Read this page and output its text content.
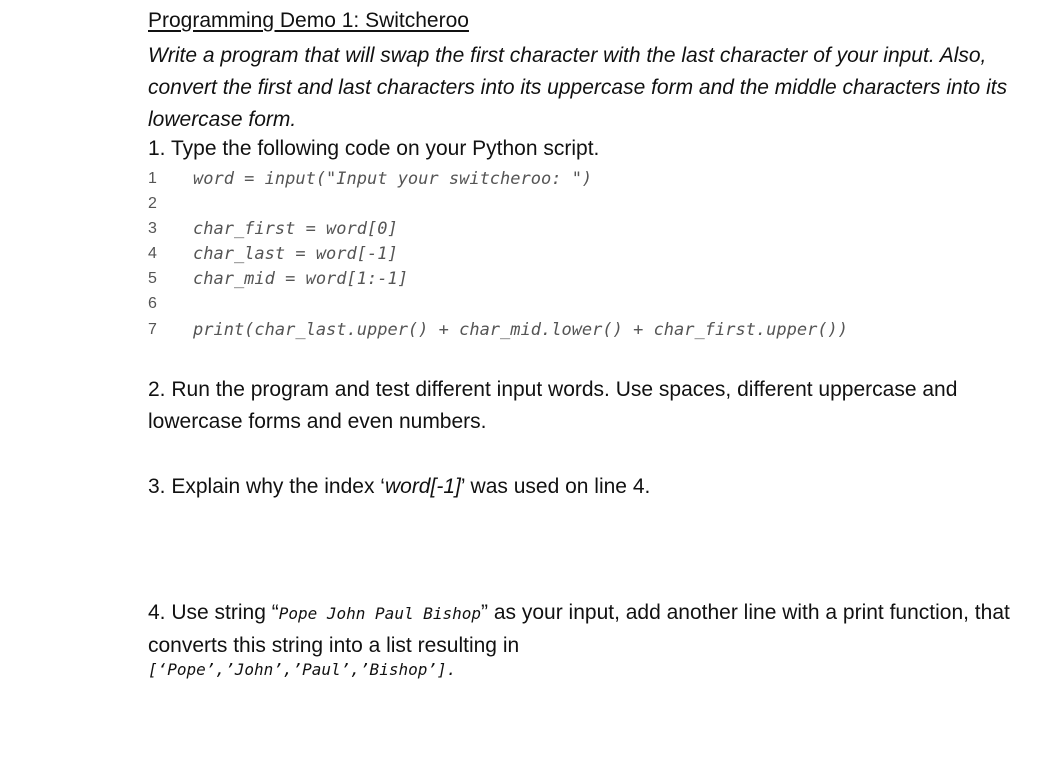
Programming Demo 1: Switcheroo
Write a program that will swap the first character with the last character of your input. Also, convert the first and last characters into its uppercase form and the middle characters into its lowercase form.
1. Type the following code on your Python script.
1 word = input("Input your switcheroo: ")
2
3 char_first = word[0]
4 char_last = word[-1]
5 char_mid = word[1:-1]
6
7 print(char_last.upper() + char_mid.lower() + char_first.upper())
2. Run the program and test different input words. Use spaces, different uppercase and lowercase forms and even numbers.
3. Explain why the index ‘word[-1]’ was used on line 4.
4. Use string “Pope John Paul Bishop” as your input, add another line with a print function, that converts this string into a list resulting in
[‘Pope’,’John’,’Paul’,’Bishop’].
